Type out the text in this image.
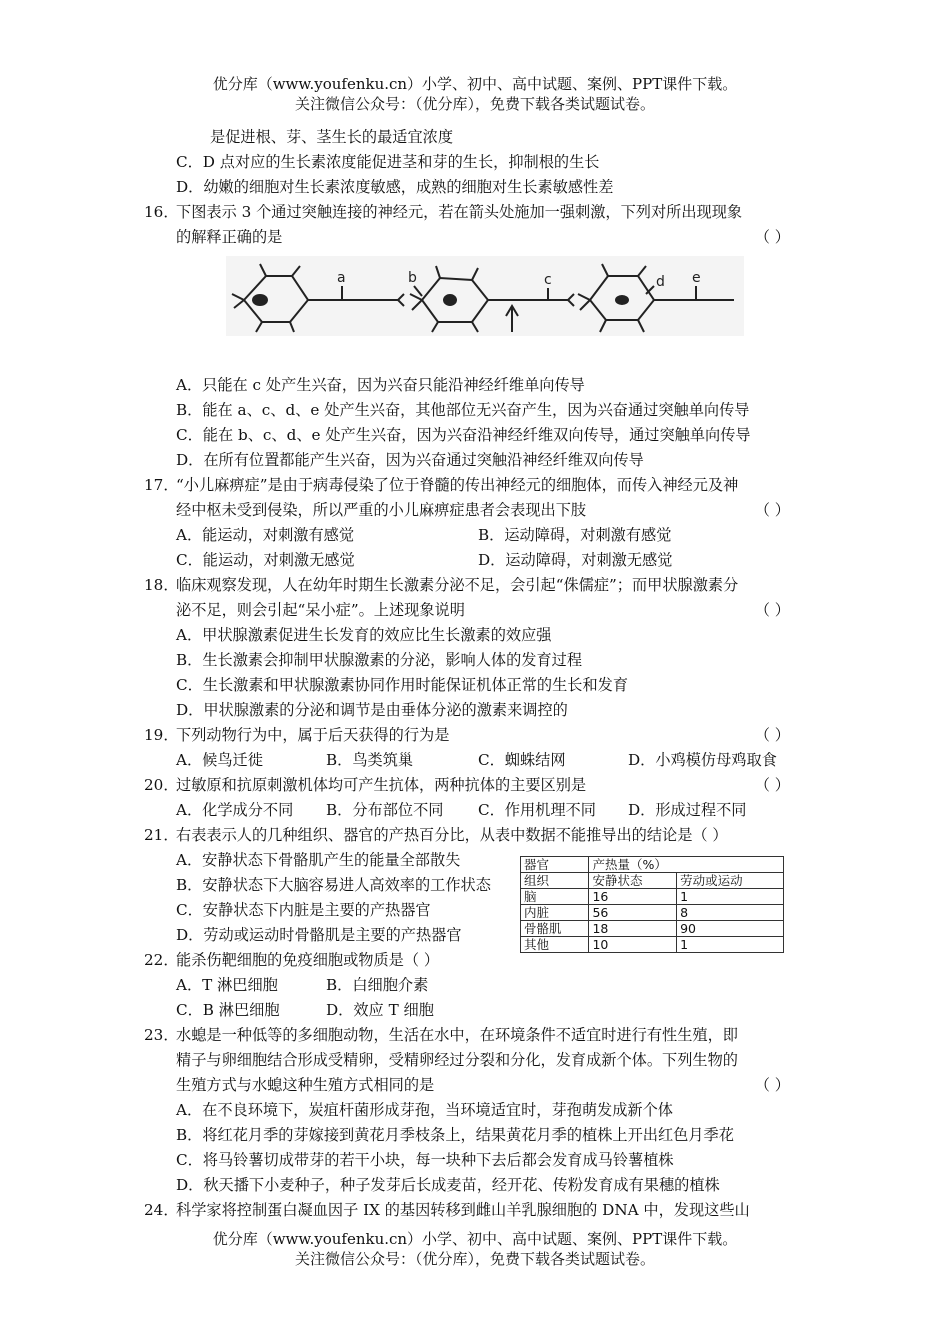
优分库（www.youfenku.cn）小学、初中、高中试题、案例、PPT课件下载。
关注微信公众号：（优分库），免费下载各类试题试卷。
是促进根、芽、茎生长的最适宜浓度
C．D 点对应的生长素浓度能促进茎和芽的生长，抑制根的生长
D．幼嫩的细胞对生长素浓度敏感，成熟的细胞对生长素敏感性差
16．
下图表示 3 个通过突触连接的神经元，若在箭头处施加一强刺激，下列对所出现现象
的解释正确的是	（ ）
a	b	c	d e
A．只能在 c 处产生兴奋，因为兴奋只能沿神经纤维单向传导
B．能在 a、c、d、e 处产生兴奋，其他部位无兴奋产生，因为兴奋通过突触单向传导
C．能在 b、c、d、e 处产生兴奋，因为兴奋沿神经纤维双向传导，通过突触单向传导
D．在所有位置都能产生兴奋，因为兴奋通过突触沿神经纤维双向传导
17．
“小儿麻痹症”是由于病毒侵染了位于脊髓的传出神经元的细胞体，而传入神经元及神
经中枢未受到侵染，所以严重的小儿麻痹症患者会表现出下肢	（ ）
A．能运动，对刺激有感觉	B．运动障碍，对刺激有感觉
C．能运动，对刺激无感觉	D．运动障碍，对刺激无感觉
18．
临床观察发现，人在幼年时期生长激素分泌不足，会引起“侏儒症”；而甲状腺激素分
泌不足，则会引起“呆小症”。上述现象说明	（ ）
A．甲状腺激素促进生长发育的效应比生长激素的效应强
B．生长激素会抑制甲状腺激素的分泌，影响人体的发育过程
C．生长激素和甲状腺激素协同作用时能保证机体正常的生长和发育
D．甲状腺激素的分泌和调节是由垂体分泌的激素来调控的
19．
下列动物行为中，属于后天获得的行为是	（ ）
A．候鸟迁徙	B．鸟类筑巢	C．蜘蛛结网	D．小鸡模仿母鸡取食
20．
过敏原和抗原刺激机体均可产生抗体，两种抗体的主要区别是	（ ）
A．化学成分不同 B．分布部位不同 C．作用机理不同 D．形成过程不同
21．
右表表示人的几种组织、器官的产热百分比，从表中数据不能推导出的结论是（ ）
A．安静状态下骨骼肌产生的能量全部散失
B．安静状态下大脑容易进人高效率的工作状态
C．安静状态下内脏是主要的产热器官
D．劳动或运动时骨骼肌是主要的产热器官
器官	产热量（%）	
组织	安静状态	劳动或运动
脑	16	1
内脏	56	8
骨骼肌	18	90
其他	10	1
22．
能杀伤靶细胞的免疫细胞或物质是（ ）
A．T 淋巴细胞	B．白细胞介素
C．B 淋巴细胞	D．效应 T 细胞
23．
水螅是一种低等的多细胞动物，生活在水中，在环境条件不适宜时进行有性生殖，即
精子与卵细胞结合形成受精卵，受精卵经过分裂和分化，发育成新个体。下列生物的
生殖方式与水螅这种生殖方式相同的是	（ ）
A．在不良环境下，炭疽杆菌形成芽孢，当环境适宜时，芽孢萌发成新个体
B．将红花月季的芽嫁接到黄花月季枝条上，结果黄花月季的植株上开出红色月季花
C．将马铃薯切成带芽的若干小块，每一块种下去后都会发育成马铃薯植株
D．秋天播下小麦种子，种子发芽后长成麦苗，经开花、传粉发育成有果穗的植株
24．
科学家将控制蛋白凝血因子 IX 的基因转移到雌山羊乳腺细胞的 DNA 中，发现这些山
优分库（www.youfenku.cn）小学、初中、高中试题、案例、PPT课件下载。
关注微信公众号：（优分库），免费下载各类试题试卷。
